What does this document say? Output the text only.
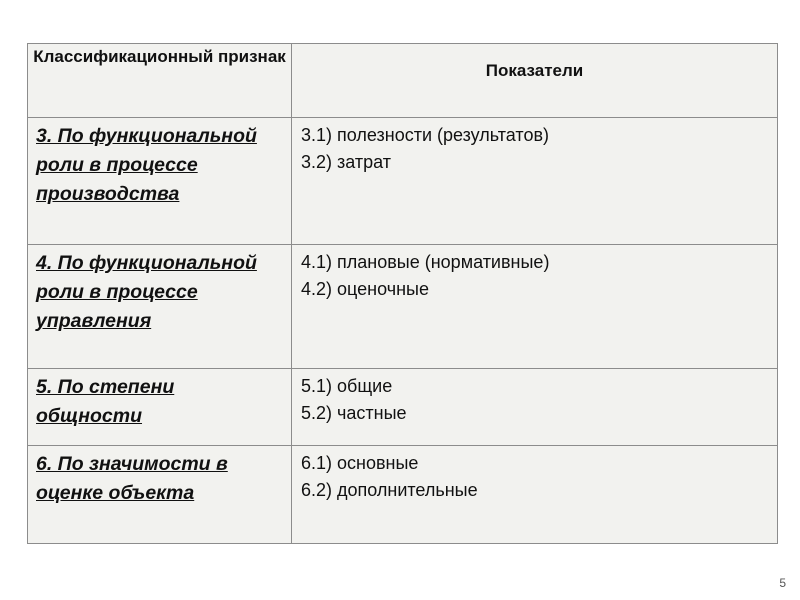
Классификационный признак	Показатели
3. По функциональной роли в процессе производства	3.1) полезности (результатов)
3.2) затрат

4. По функциональной роли в процессе управления	4.1) плановые (нормативные)
4.2) оценочные

5. По степени общности	5.1) общие
5.2) частные

6. По значимости в оценке объекта	6.1) основные
6.2) дополнительные
5
